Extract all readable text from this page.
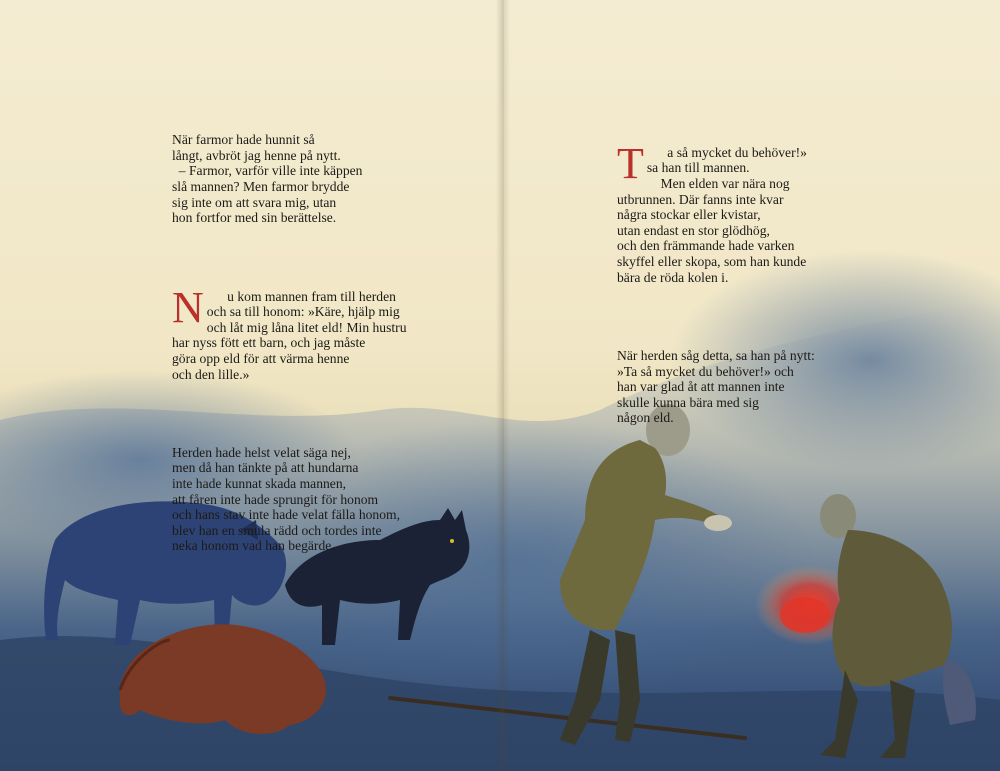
När farmor hade hunnit så
långt, avbröt jag henne på nytt.
– Farmor, varför ville inte käppen
slå mannen? Men farmor brydde
sig inte om att svara mig, utan
hon fortfor med sin berättelse.

N u kom mannen fram till herden
och sa till honom: »Käre, hjälp mig
och låt mig låna litet eld! Min hustru
har nyss fött ett barn, och jag måste
göra opp eld för att värma henne
och den lille.»

Herden hade helst velat säga nej,
men då han tänkte på att hundarna
inte hade kunnat skada mannen,
att fåren inte hade sprungit för honom
och hans stav inte hade velat fälla honom,
blev han en smula rädd och tordes inte
neka honom vad han begärde.

T a så mycket du behöver!»
sa han till mannen.
Men elden var nära nog
utbrunnen. Där fanns inte kvar
några stockar eller kvistar,
utan endast en stor glödhög,
och den främmande hade varken
skyffel eller skopa, som han kunde
bära de röda kolen i.

När herden såg detta, sa han på nytt:
»Ta så mycket du behöver!» och
han var glad åt att mannen inte
skulle kunna bära med sig
någon eld.
